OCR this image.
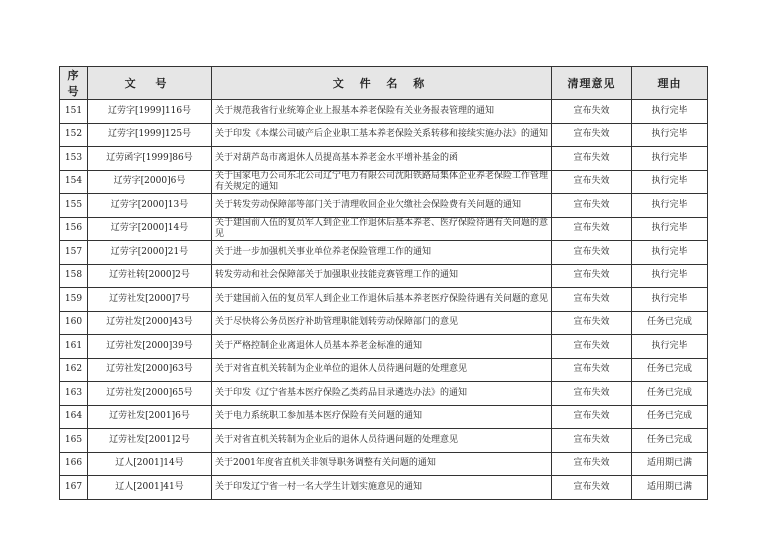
序号	文 号	文 件 名 称	清理意见	理由
151	辽劳字[1999]116号	关于规范我省行业统筹企业上报基本养老保险有关业务报表管理的通知	宣布失效	执行完毕
152	辽劳字[1999]125号	关于印发《本煤公司破产后企业职工基本养老保险关系转移和接续实施办法》的通知	宣布失效	执行完毕
153	辽劳函字[1999]86号	关于对葫芦岛市离退休人员提高基本养老金水平增补基金的函	宣布失效	执行完毕
154	辽劳字[2000]6号	关于国家电力公司东北公司辽宁电力有限公司沈阳铁路局集体企业养老保险工作管理有关规定的通知	宣布失效	执行完毕
155	辽劳字[2000]13号	关于转发劳动保障部等部门关于清理收回企业欠缴社会保险费有关问题的通知	宣布失效	执行完毕
156	辽劳字[2000]14号	关于建国前入伍的复员军人到企业工作退休后基本养老、医疗保险待遇有关问题的意见	宣布失效	执行完毕
157	辽劳字[2000]21号	关于进一步加强机关事业单位养老保险管理工作的通知	宣布失效	执行完毕
158	辽劳社转[2000]2号	转发劳动和社会保障部关于加强职业技能竞赛管理工作的通知	宣布失效	执行完毕
159	辽劳社发[2000]7号	关于建国前入伍的复员军人到企业工作退休后基本养老医疗保险待遇有关问题的意见	宣布失效	执行完毕
160	辽劳社发[2000]43号	关于尽快将公务员医疗补助管理职能划转劳动保障部门的意见	宣布失效	任务已完成
161	辽劳社发[2000]39号	关于严格控制企业离退休人员基本养老金标准的通知	宣布失效	执行完毕
162	辽劳社发[2000]63号	关于对省直机关转制为企业单位的退休人员待遇问题的处理意见	宣布失效	任务已完成
163	辽劳社发[2000]65号	关于印发《辽宁省基本医疗保险乙类药品目录遴选办法》的通知	宣布失效	任务已完成
164	辽劳社发[2001]6号	关于电力系统职工参加基本医疗保险有关问题的通知	宣布失效	任务已完成
165	辽劳社发[2001]2号	关于对省直机关转制为企业后的退休人员待遇问题的处理意见	宣布失效	任务已完成
166	辽人[2001]14号	关于2001年度省直机关非领导职务调整有关问题的通知	宣布失效	适用期已满
167	辽人[2001]41号	关于印发辽宁省一村一名大学生计划实施意见的通知	宣布失效	适用期已满
